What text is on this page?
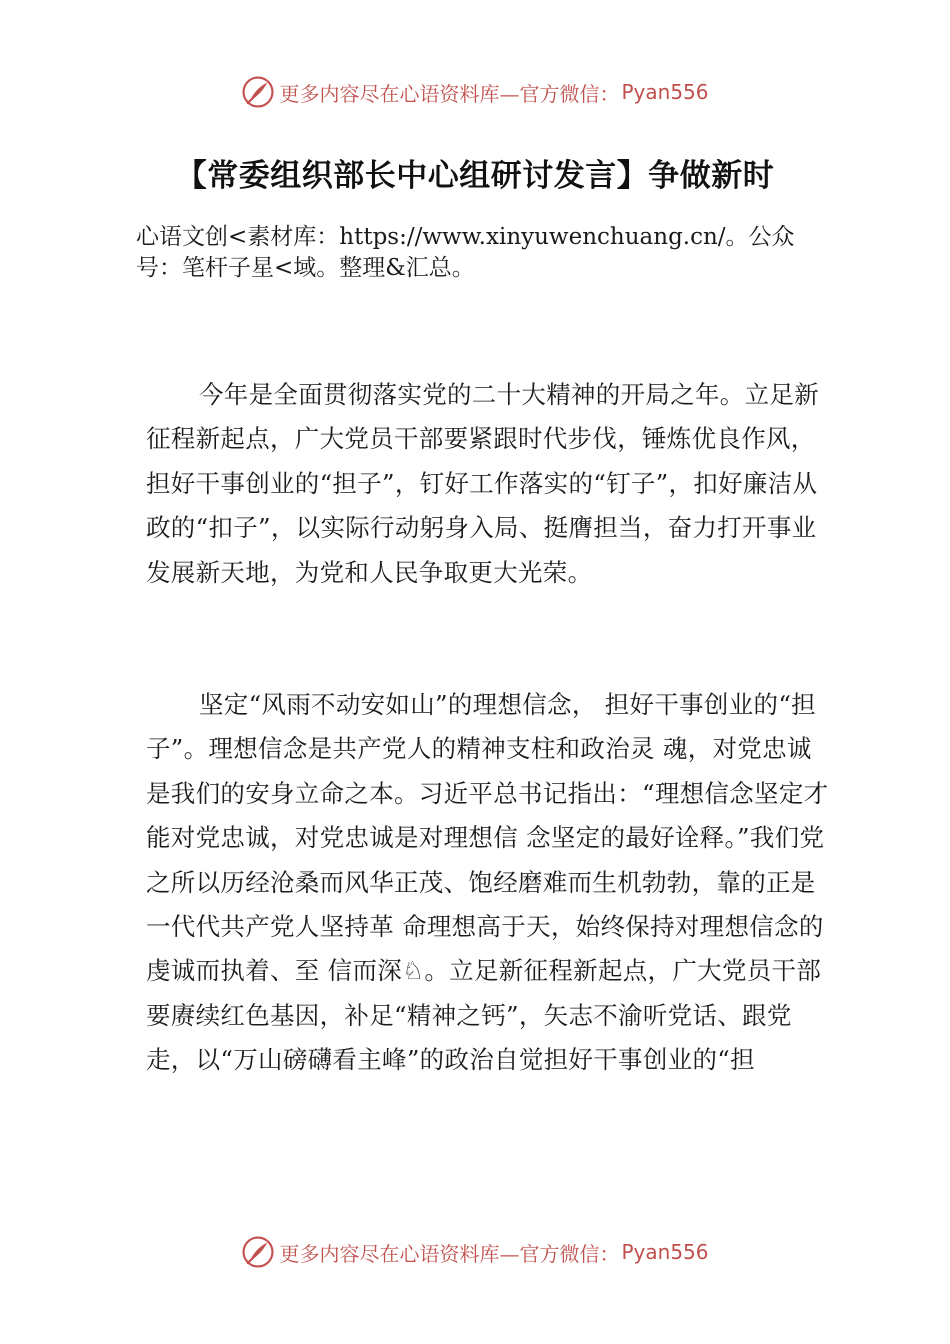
更多内容尽在心语资料库—官方微信： Pyan556
【常委组织部长中心组研讨发言】争做新时
心语文创<素材库：https://www.xinyuwenchuang.cn/。公众号：笔杆子星<域。整理&汇总。
今年是全面贯彻落实党的二十大精神的开局之年。立足新征程新起点，广大党员干部要紧跟时代步伐，锤炼优良作风，担好干事创业的“担子”，钉好工作落实的“钉子”，扣好廉洁从政的“扣子”，以实际行动躬身入局、挺膺担当，奋力打开事业发展新天地，为党和人民争取更大光荣。
坚定“风雨不动安如山”的理想信念， 担好干事创业的“担子”。理想信念是共产党人的精神支柱和政治灵 魂，对党忠诚是我们的安身立命之本。习近平总书记指出：“理想信念坚定才能对党忠诚，对党忠诚是对理想信 念坚定的最好诠释。”我们党之所以历经沧桑而风华正茂、饱经磨难而生机勃勃，靠的正是一代代共产党人坚持革 命理想高于天，始终保持对理想信念的虔诚而执着、至 信而深♘。立足新征程新起点，广大党员干部要赓续红色基因，补足“精神之钙”，矢志不渝听党话、跟党走，以“万山磅礴看主峰”的政治自觉担好干事创业的“担
更多内容尽在心语资料库—官方微信： Pyan556
